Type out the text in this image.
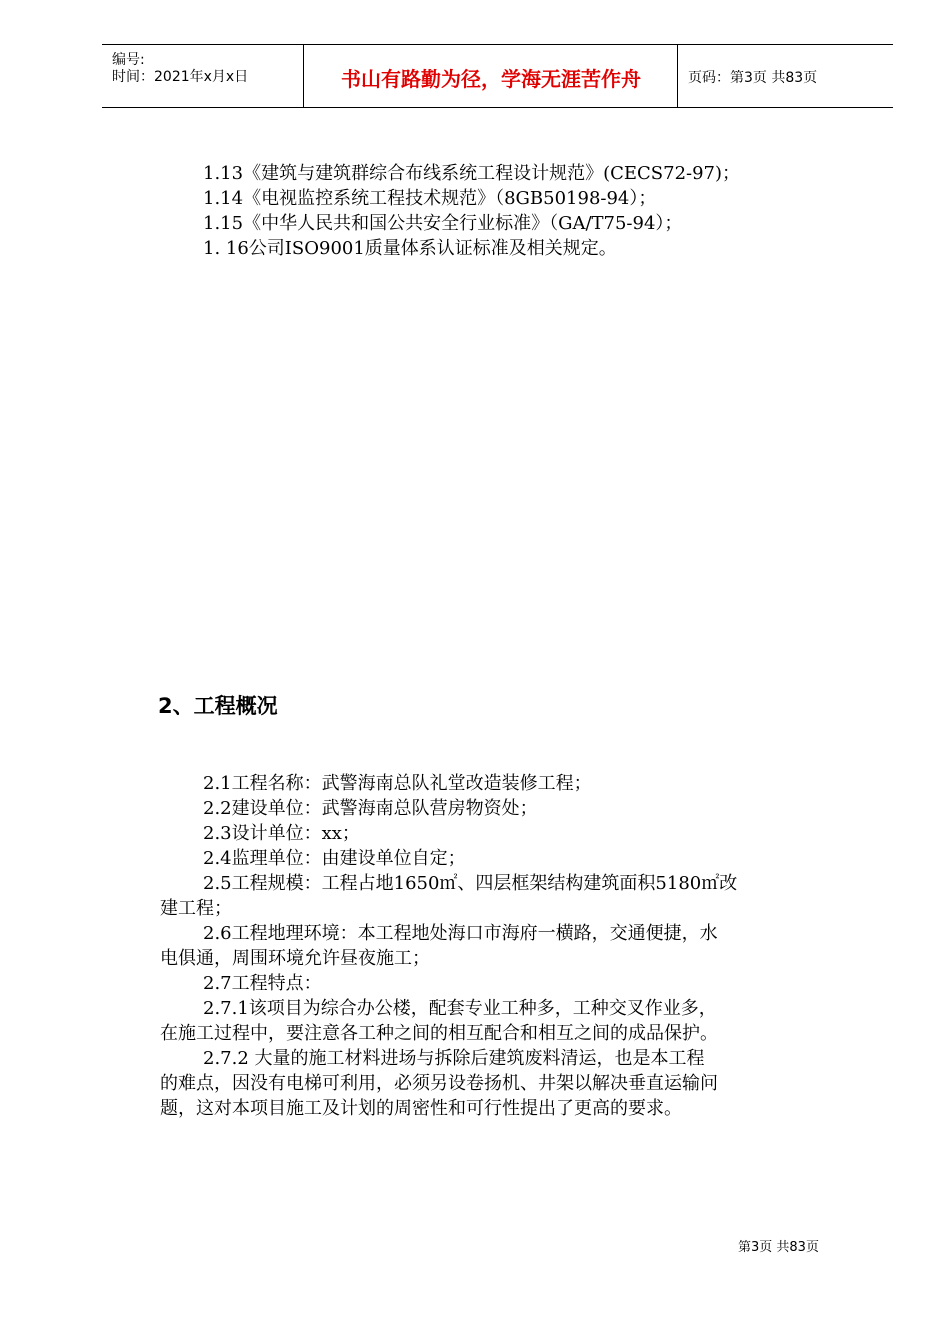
编号:
时间：2021年x月x日	书山有路勤为径，学海无涯苦作舟	页码：第3页 共83页
1.13《建筑与建筑群综合布线系统工程设计规范》(CECS72-97)；
1.14《电视监控系统工程技术规范》（8GB50198-94）；
1.15《中华人民共和国公共安全行业标准》（GA/T75-94）；
1. 16公司ISO9001质量体系认证标准及相关规定。
2、工程概况
2.1工程名称：武警海南总队礼堂改造装修工程；
2.2建设单位：武警海南总队营房物资处；
2.3设计单位：xx；
2.4监理单位：由建设单位自定；
2.5工程规模：工程占地1650㎡、四层框架结构建筑面积5180㎡改
建工程；
2.6工程地理环境：本工程地处海口市海府一横路，交通便捷，水
电俱通，周围环境允许昼夜施工；
2.7工程特点：
2.7.1该项目为综合办公楼，配套专业工种多，工种交叉作业多，
在施工过程中，要注意各工种之间的相互配合和相互之间的成品保护。
2.7.2 大量的施工材料进场与拆除后建筑废料清运，也是本工程
的难点，因没有电梯可利用，必须另设卷扬机、井架以解决垂直运输问
题，这对本项目施工及计划的周密性和可行性提出了更高的要求。
第3页 共83页
